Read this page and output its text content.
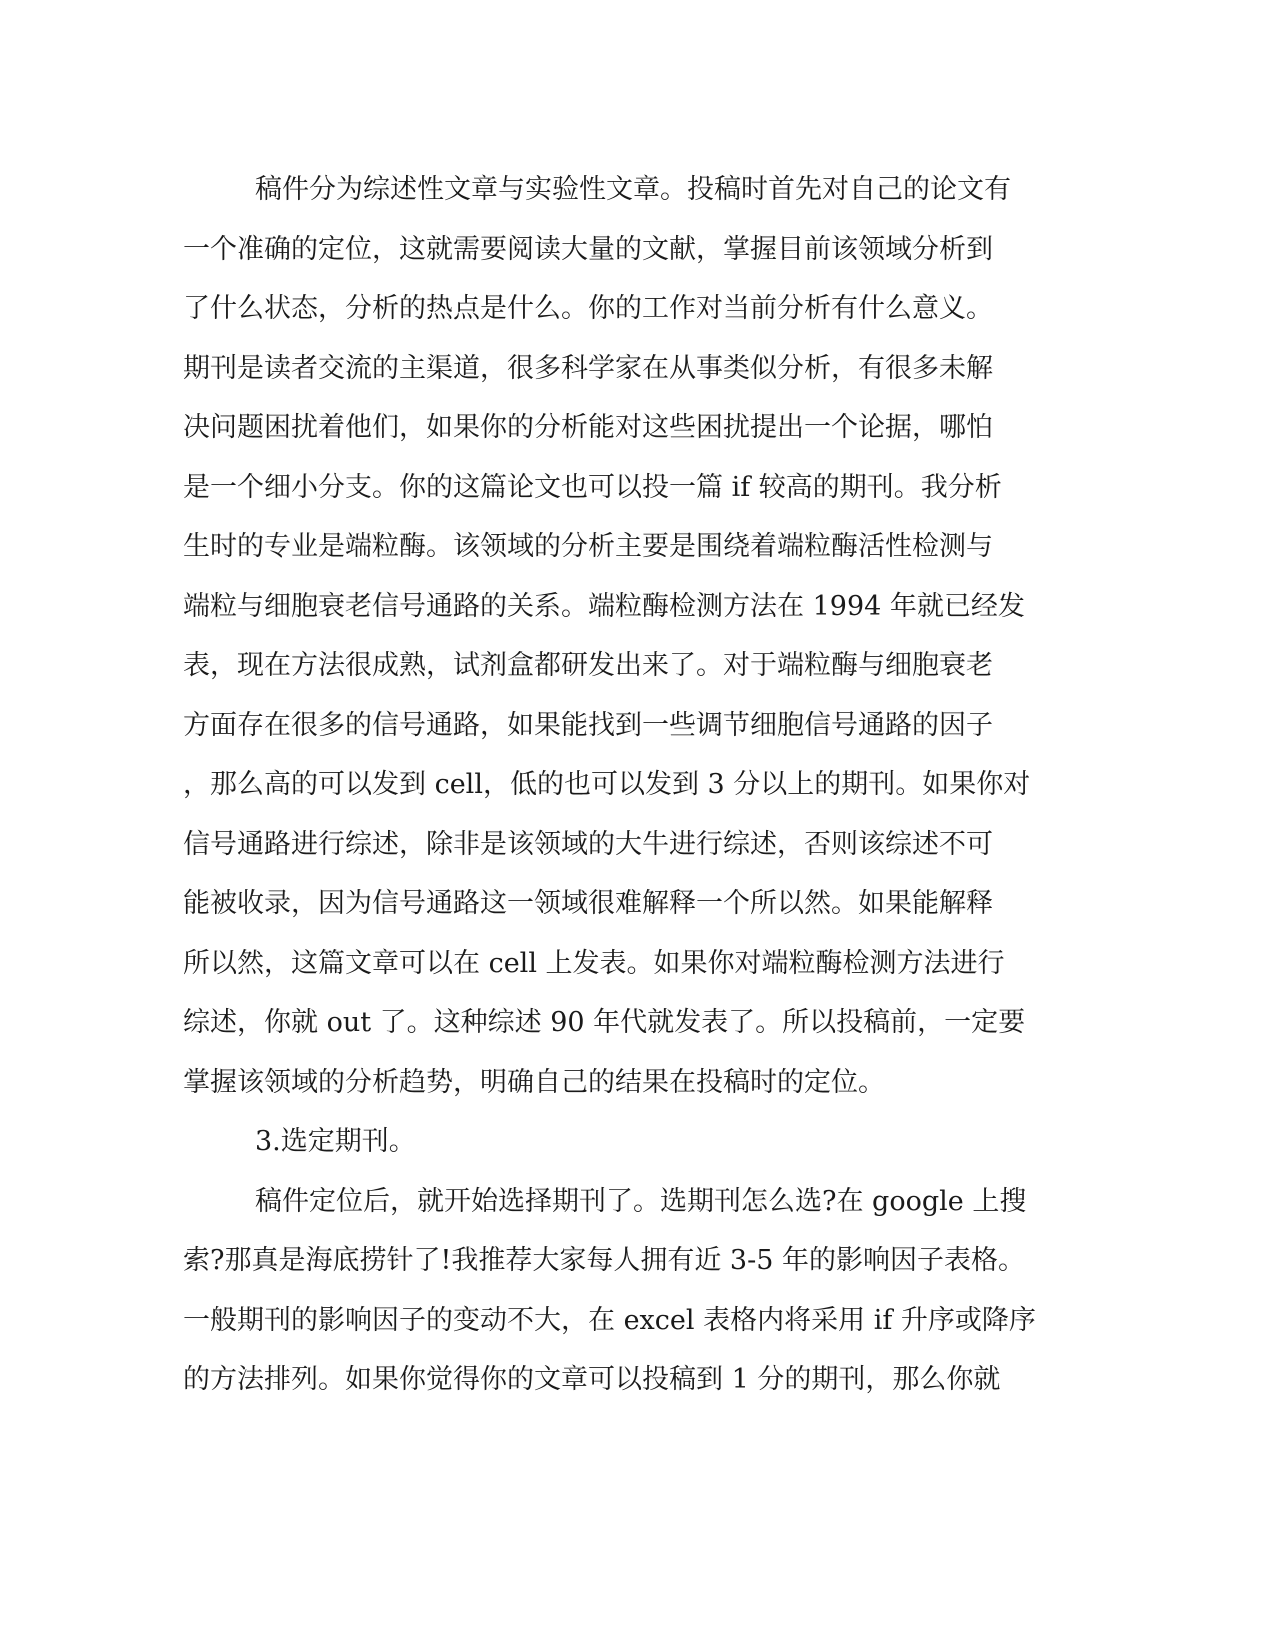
稿件分为综述性文章与实验性文章。投稿时首先对自己的论文有
一个准确的定位，这就需要阅读大量的文献，掌握目前该领域分析到
了什么状态，分析的热点是什么。你的工作对当前分析有什么意义。
期刊是读者交流的主渠道，很多科学家在从事类似分析，有很多未解
决问题困扰着他们，如果你的分析能对这些困扰提出一个论据，哪怕
是一个细小分支。你的这篇论文也可以投一篇 if 较高的期刊。我分析
生时的专业是端粒酶。该领域的分析主要是围绕着端粒酶活性检测与
端粒与细胞衰老信号通路的关系。端粒酶检测方法在 1994 年就已经发
表，现在方法很成熟，试剂盒都研发出来了。对于端粒酶与细胞衰老
方面存在很多的信号通路，如果能找到一些调节细胞信号通路的因子
，那么高的可以发到 cell，低的也可以发到 3 分以上的期刊。如果你对
信号通路进行综述，除非是该领域的大牛进行综述，否则该综述不可
能被收录，因为信号通路这一领域很难解释一个所以然。如果能解释
所以然，这篇文章可以在 cell 上发表。如果你对端粒酶检测方法进行
综述，你就 out 了。这种综述 90 年代就发表了。所以投稿前，一定要
掌握该领域的分析趋势，明确自己的结果在投稿时的定位。
3.选定期刊。
稿件定位后，就开始选择期刊了。选期刊怎么选?在 google 上搜
索?那真是海底捞针了!我推荐大家每人拥有近 3-5 年的影响因子表格。
一般期刊的影响因子的变动不大，在 excel 表格内将采用 if 升序或降序
的方法排列。如果你觉得你的文章可以投稿到 1 分的期刊，那么你就
